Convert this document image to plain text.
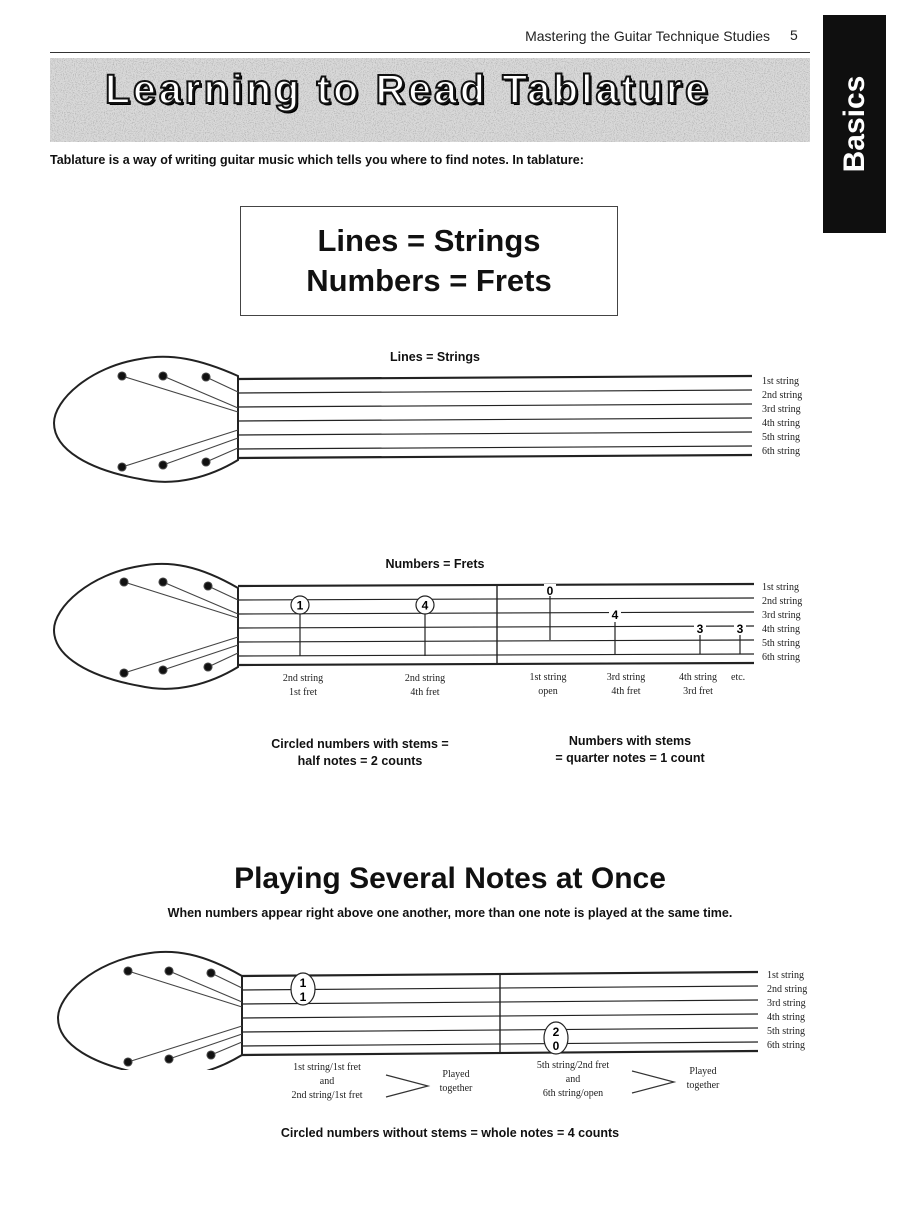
Mastering the Guitar Technique Studies 5
Basics
Learning to Read Tablature
Tablature is a way of writing guitar music which tells you where to find notes. In tablature:
Lines = Strings
Numbers = Frets
Lines = Strings
1st string
2nd string
3rd string
4th string
5th string
6th string
Numbers = Frets
1	4
0
4
3	3
1st string
2nd string
3rd string
4th string
5th string
6th string
2nd string
1st fret
2nd string
4th fret
1st string
open
3rd string
4th fret
4th string
3rd fret
etc.
Circled numbers with stems =
half notes = 2 counts
Numbers with stems
= quarter notes = 1 count
Playing Several Notes at Once
When numbers appear right above one another, more than one note is played at the same time.
1
1
2
0
1st string
2nd string
3rd string
4th string
5th string
6th string
1st string/1st fret
and
2nd string/1st fret
Played
together
5th string/2nd fret
and
6th string/open
Played
together
Circled numbers without stems = whole notes = 4 counts
